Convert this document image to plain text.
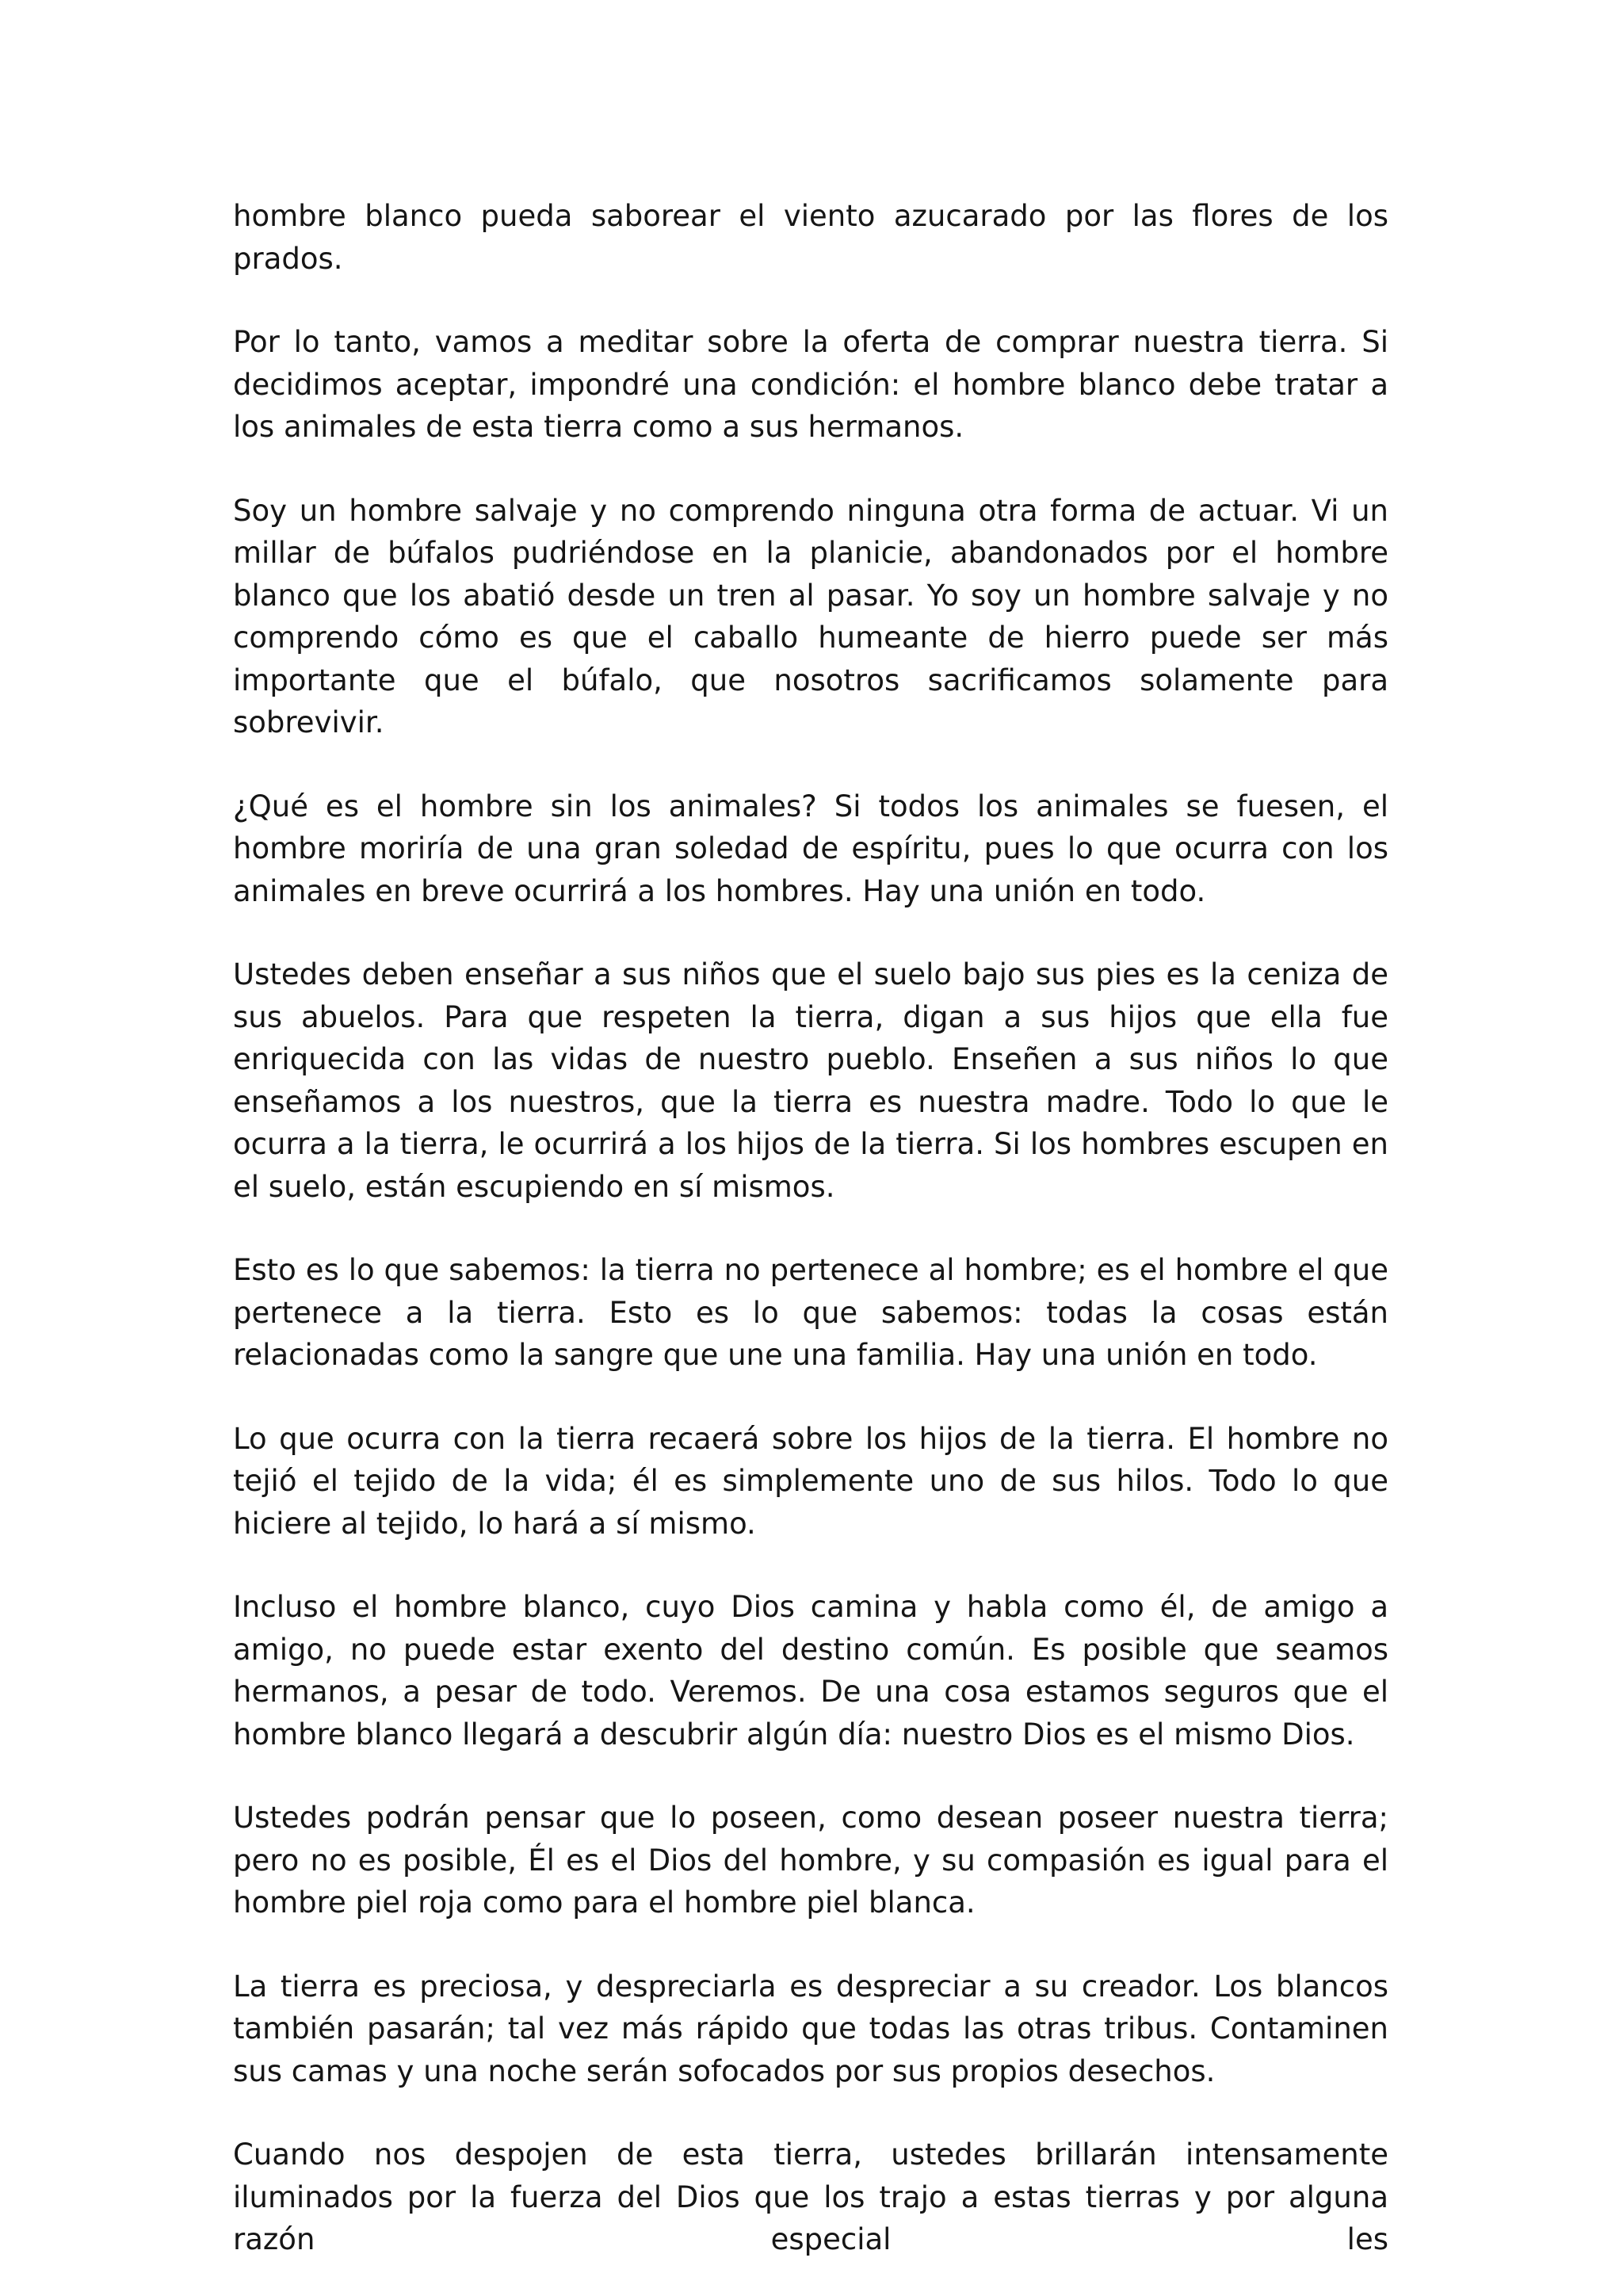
hombre blanco pueda saborear el viento azucarado por las flores de los prados.

Por lo tanto, vamos a meditar sobre la oferta de comprar nuestra tierra. Si decidimos aceptar, impondré una condición: el hombre blanco debe tratar a los animales de esta tierra como a sus hermanos.

Soy un hombre salvaje y no comprendo ninguna otra forma de actuar. Vi un millar de búfalos pudriéndose en la planicie, abandonados por el hombre blanco que los abatió desde un tren al pasar. Yo soy un hombre salvaje y no comprendo cómo es que el caballo humeante de hierro puede ser más importante que el búfalo, que nosotros sacrificamos solamente para sobrevivir.

¿Qué es el hombre sin los animales? Si todos los animales se fuesen, el hombre moriría de una gran soledad de espíritu, pues lo que ocurra con los animales en breve ocurrirá a los hombres. Hay una unión en todo.

Ustedes deben enseñar a sus niños que el suelo bajo sus pies es la ceniza de sus abuelos. Para que respeten la tierra, digan a sus hijos que ella fue enriquecida con las vidas de nuestro pueblo. Enseñen a sus niños lo que enseñamos a los nuestros, que la tierra es nuestra madre. Todo lo que le ocurra a la tierra, le ocurrirá a los hijos de la tierra. Si los hombres escupen en el suelo, están escupiendo en sí mismos.

Esto es lo que sabemos: la tierra no pertenece al hombre; es el hombre el que pertenece a la tierra. Esto es lo que sabemos: todas la cosas están relacionadas como la sangre que une una familia. Hay una unión en todo.

Lo que ocurra con la tierra recaerá sobre los hijos de la tierra. El hombre no tejió el tejido de la vida; él es simplemente uno de sus hilos. Todo lo que hiciere al tejido, lo hará a sí mismo.

Incluso el hombre blanco, cuyo Dios camina y habla como él, de amigo a amigo, no puede estar exento del destino común. Es posible que seamos hermanos, a pesar de todo. Veremos. De una cosa estamos seguros que el hombre blanco llegará a descubrir algún día: nuestro Dios es el mismo Dios.

Ustedes podrán pensar que lo poseen, como desean poseer nuestra tierra; pero no es posible, Él es el Dios del hombre, y su compasión es igual para el hombre piel roja como para el hombre piel blanca.

La tierra es preciosa, y despreciarla es despreciar a su creador. Los blancos también pasarán; tal vez más rápido que todas las otras tribus. Contaminen sus camas y una noche serán sofocados por sus propios desechos.

Cuando nos despojen de esta tierra, ustedes brillarán intensamente iluminados por la fuerza del Dios que los trajo a estas tierras y por alguna razón especial les
